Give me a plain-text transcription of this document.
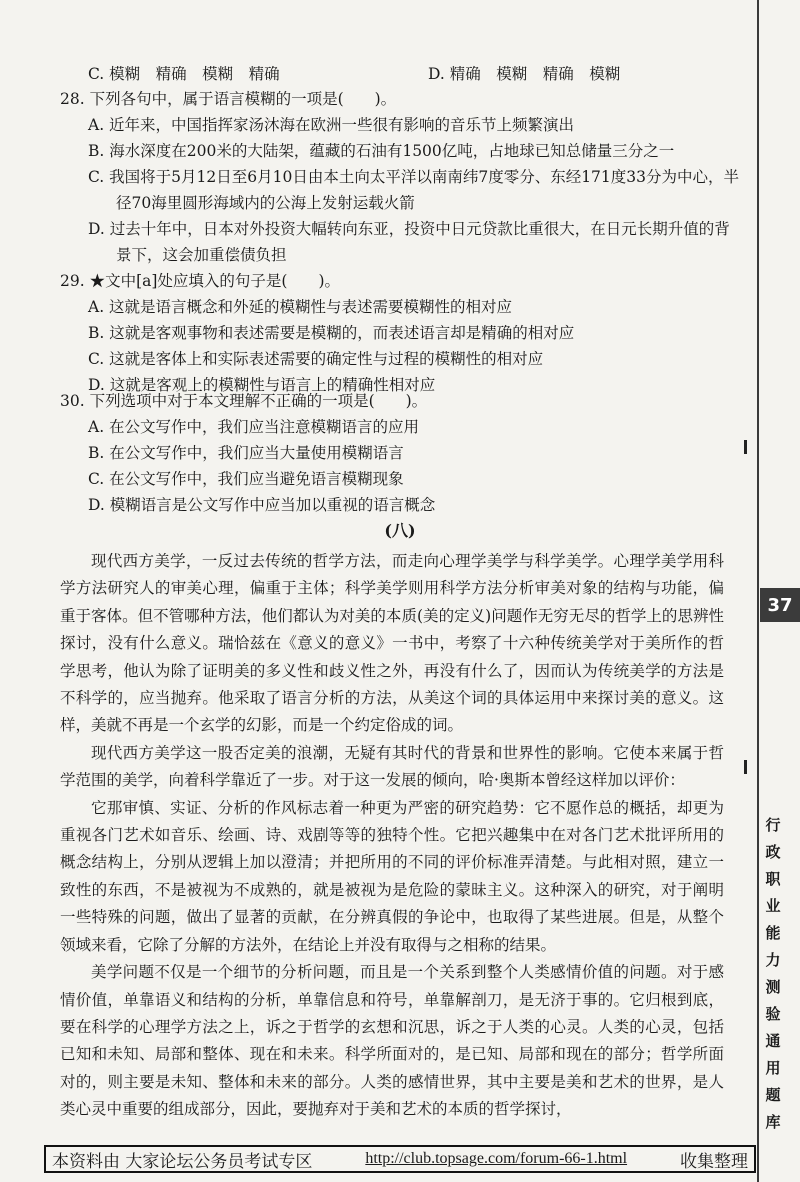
C. 模糊　精确　模糊　精确	D. 精确　模糊　精确　模糊
28. 下列各句中，属于语言模糊的一项是(　　)。
A. 近年来，中国指挥家汤沐海在欧洲一些很有影响的音乐节上频繁演出
B. 海水深度在200米的大陆架，蕴藏的石油有1500亿吨，占地球已知总储量三分之一
C. 我国将于5月12日至6月10日由本土向太平洋以南南纬7度零分、东经171度33分为中心，半径70海里圆形海域内的公海上发射运载火箭
D. 过去十年中，日本对外投资大幅转向东亚，投资中日元贷款比重很大，在日元长期升值的背景下，这会加重偿债负担
29. ★文中[a]处应填入的句子是(　　)。
A. 这就是语言概念和外延的模糊性与表述需要模糊性的相对应
B. 这就是客观事物和表述需要是模糊的，而表述语言却是精确的相对应
C. 这就是客体上和实际表述需要的确定性与过程的模糊性的相对应
D. 这就是客观上的模糊性与语言上的精确性相对应
30. 下列选项中对于本文理解不正确的一项是(　　)。
A. 在公文写作中，我们应当注意模糊语言的应用
B. 在公文写作中，我们应当大量使用模糊语言
C. 在公文写作中，我们应当避免语言模糊现象
D. 模糊语言是公文写作中应当加以重视的语言概念
(八)

现代西方美学，一反过去传统的哲学方法，而走向心理学美学与科学美学。心理学美学用科学方法研究人的审美心理，偏重于主体；科学美学则用科学方法分析审美对象的结构与功能，偏重于客体。但不管哪种方法，他们都认为对美的本质(美的定义)问题作无穷无尽的哲学上的思辨性探讨，没有什么意义。瑞恰兹在《意义的意义》一书中，考察了十六种传统美学对于美所作的哲学思考，他认为除了证明美的多义性和歧义性之外，再没有什么了，因而认为传统美学的方法是不科学的，应当抛弃。他采取了语言分析的方法，从美这个词的具体运用中来探讨美的意义。这样，美就不再是一个玄学的幻影，而是一个约定俗成的词。

现代西方美学这一股否定美的浪潮，无疑有其时代的背景和世界性的影响。它使本来属于哲学范围的美学，向着科学靠近了一步。对于这一发展的倾向，哈·奥斯本曾经这样加以评价：

它那审慎、实证、分析的作风标志着一种更为严密的研究趋势：它不愿作总的概括，却更为重视各门艺术如音乐、绘画、诗、戏剧等等的独特个性。它把兴趣集中在对各门艺术批评所用的概念结构上，分别从逻辑上加以澄清；并把所用的不同的评价标准弄清楚。与此相对照，建立一致性的东西，不是被视为不成熟的，就是被视为是危险的蒙昧主义。这种深入的研究，对于阐明一些特殊的问题，做出了显著的贡献，在分辨真假的争论中，也取得了某些进展。但是，从整个领域来看，它除了分解的方法外，在结论上并没有取得与之相称的结果。

美学问题不仅是一个细节的分析问题，而且是一个关系到整个人类感情价值的问题。对于感情价值，单靠语义和结构的分析，单靠信息和符号，单靠解剖刀，是无济于事的。它归根到底，要在科学的心理学方法之上，诉之于哲学的玄想和沉思，诉之于人类的心灵。人类的心灵，包括已知和未知、局部和整体、现在和未来。科学所面对的，是已知、局部和现在的部分；哲学所面对的，则主要是未知、整体和未来的部分。人类的感情世界，其中主要是美和艺术的世界，是人类心灵中重要的组成部分，因此，要抛弃对于美和艺术的本质的哲学探讨，

37
行
政
职
业
能
力
测
验
通
用
题
库
本资料由 大家论坛公务员考试专区	http://club.topsage.com/forum-66-1.html	收集整理
